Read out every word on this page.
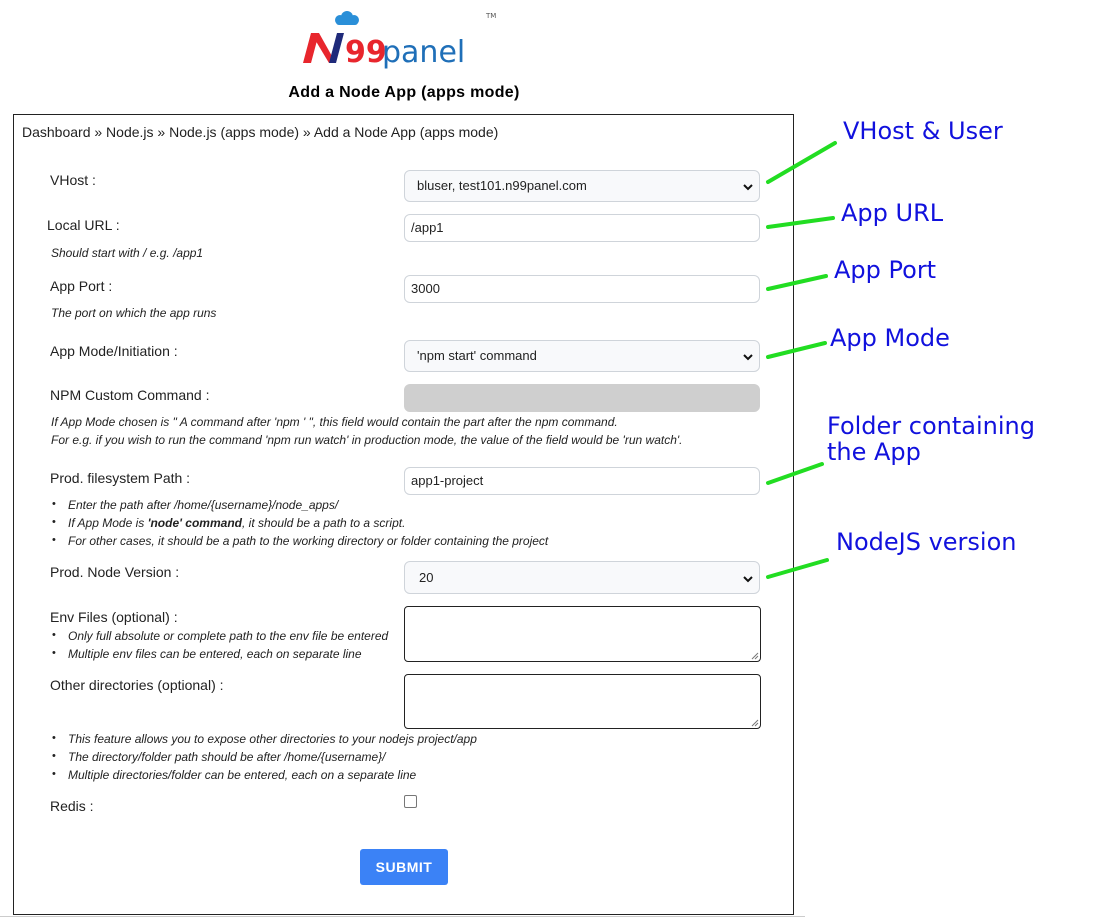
99
panel
TM
Add a Node App (apps mode)
Dashboard » Node.js » Node.js (apps mode) » Add a Node App (apps mode)
VHost :	bluser, test101.n99panel.com
Local URL :	/app1
Should start with / e.g. /app1
App Port :	3000
The port on which the app runs
App Mode/Initiation :	'npm start' command
NPM Custom Command :
If App Mode chosen is " A command after 'npm ' ", this field would contain the part after the npm command.
For e.g. if you wish to run the command 'npm run watch' in production mode, the value of the field would be 'run watch'.
Prod. filesystem Path :	app1-project
• Enter the path after /home/{username}/node_apps/
• If App Mode is 'node' command, it should be a path to a script.
• For other cases, it should be a path to the working directory or folder containing the project
Prod. Node Version :	20
Env Files (optional) :
• Only full absolute or complete path to the env file be entered
• Multiple env files can be entered, each on separate line
Other directories (optional) :
• This feature allows you to expose other directories to your nodejs project/app
• The directory/folder path should be after /home/{username}/
• Multiple directories/folder can be entered, each on a separate line
Redis :
SUBMIT
VHost & User
App URL
App Port
App Mode
Folder containing
the App
NodeJS version
